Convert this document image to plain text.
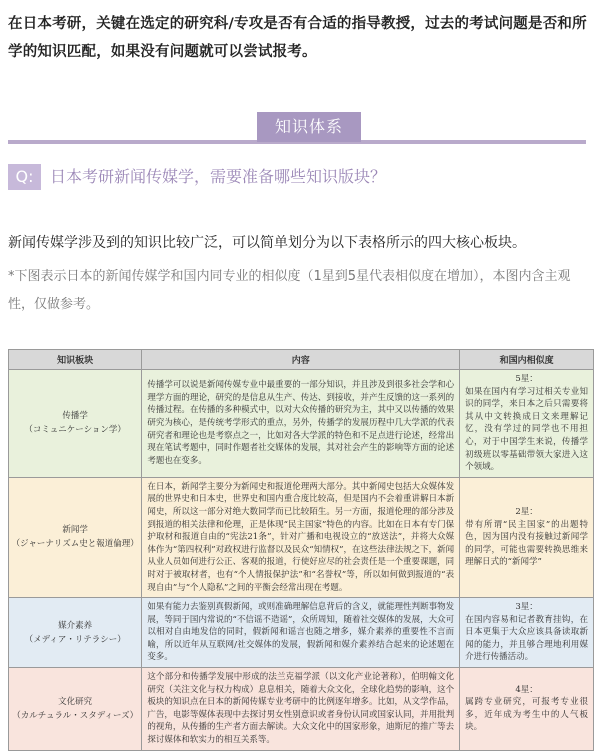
在日本考研，关键在选定的研究科/专攻是否有合适的指导教授，过去的考试问题是否和所学的知识匹配，如果没有问题就可以尝试报考。
知识体系
Q:	日本考研新闻传媒学，需要准备哪些知识版块？
新闻传媒学涉及到的知识比较广泛，可以简单划分为以下表格所示的四大核心板块。
*下图表示日本的新闻传媒学和国内同专业的相似度（1星到5星代表相似度在增加），本图内含主观性，仅做参考。
知识板块	内容	和国内相似度

传播学
（コミュニケーション学）	传播学可以说是新闻传媒专业中最重要的一部分知识，并且涉及到很多社会学和心理学方面的理论，研究的是信息从生产、传达、到接收，并产生反馈的这一系列的传播过程。在传播的多种模式中，以对大众传播的研究为主，其中又以传播的效果研究为核心，是传统考学形式的重点，另外，传播学的发展历程中几大学派的代表研究者和理论也是考察点之一，比如对各大学派的特色和不足点进行论述，经常出现在笔试考题中，同时作题者社交媒体的发展，其对社会产生的影响等方面的论述考题也在变多。	5星：
如果在国内有学习过相关专业知识的同学，来日本之后只需要将其从中文转换成日文来理解记忆，没有学过的同学也不用担心，对于中国学生来说，传播学初级班以零基础带领大家进入这个领域。

新闻学
（ジャーナリズム史と報道倫理）	在日本，新闻学主要分为新闻史和报道伦理两大部分。其中新闻史包括大众媒体发展的世界史和日本史，世界史和国内重合度比较高，但是国内不会着重讲解日本新闻史，所以这一部分对绝大数同学而已比较陌生。另一方面，报道伦理的部分涉及到报道的相关法律和伦理，正是体现“民主国家”特色的内容。比如在日本有专门保护取材和报道自由的“宪法21条”，针对广播和电视设立的“放送法”，并将大众媒体作为“第四权利”对政权进行监督以及民众“知情权”，在这些法律法规之下，新闻从业人员如何进行公正、客观的报道，行使好应尽的社会责任是一个重要课题，同时对于被取材者，也有“个人情报保护法”和“名誉权”等，所以如何做到报道的“表现自由”与“个人隐私”之间的平衡会经常出现在考题。	2星：
带有所谓“民主国家”的出题特色，因为国内没有接触过新闻学的同学，可能也需要转换思维来理解日式的“新闻学”

媒介素养
（メディア・リテラシー）	如果有能力去鉴别真假新闻，或则准确理解信息背后的含义，就能理性判断事物发展，等同于国内常说的“不信谣不造谣”，众所周知，随着社交媒体的发展，大众可以相对自由地发信的同时，假新闻和谣言也随之增多，媒介素养的重要性不言而喻，所以近年从互联网/社交媒体的发展，假新闻和媒介素养结合起来的论述题在变多。	3星：
在国内容易和记者教育挂钩，在日本更集于大众应该具备读取新闻的能力，并且够合理地利用媒介进行传播活动。

文化研究
（カルチュラル・スタディーズ）	这个部分和传播学发展中形成的法兰克福学派（以文化产业论著称），伯明翰文化研究（关注文化与权力构成）息息相关，随着大众文化，全球化趋势的影响，这个板块的知识点在日本的新闻传媒专业考研中的比例逐年增多。比如，从文学作品，广告，电影等媒体表现中去探讨男女性别意识或者身份认同或国家认同，并用批判的视角，从传播的生产者方面去解读。大众文化中的国家形象，迪斯尼的推广等去探讨媒体和软实力的相互关系等。	4星：
属跨专业研究，可报考专业很多，近年成为考生中的人气板块。
